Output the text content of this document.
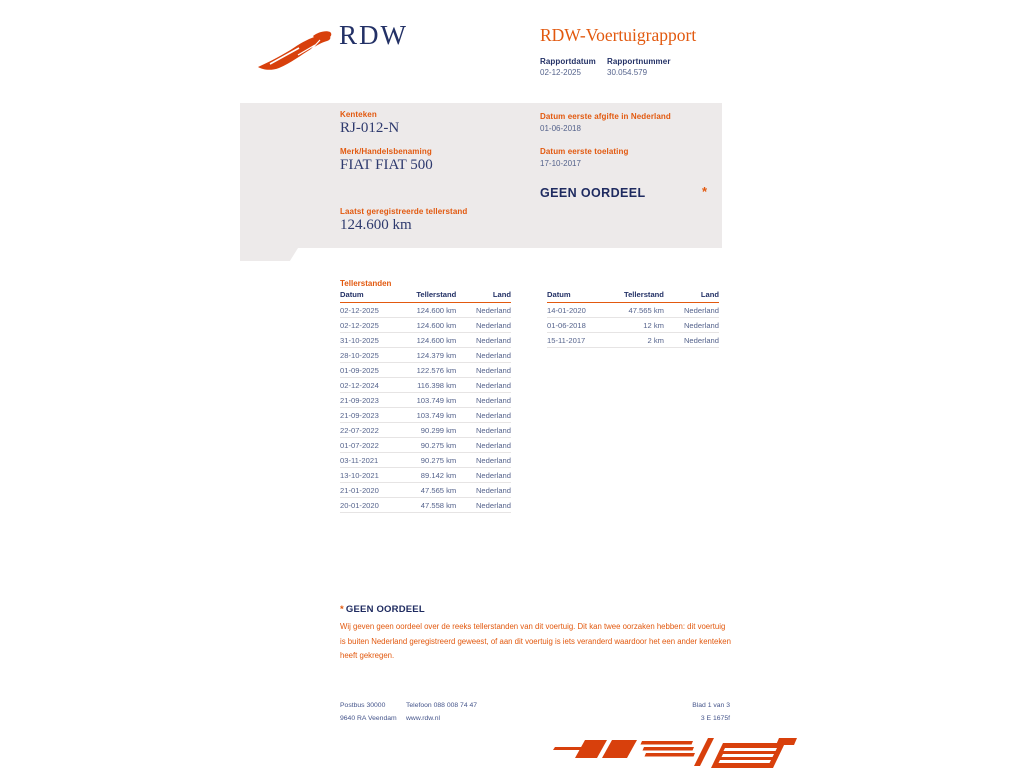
RDW	RDW-Voertuigrapport
Rapportdatum
02-12-2025
Rapportnummer
30.054.579
Kenteken
RJ-012-N
Merk/Handelsbenaming
FIAT FIAT 500
Laatst geregistreerde tellerstand
124.600 km
Datum eerste afgifte in Nederland
01-06-2018
Datum eerste toelating
17-10-2017
GEEN OORDEEL	*
Tellerstanden
Datum	Tellerstand	Land
02-12-2025	124.600 km	Nederland
02-12-2025	124.600 km	Nederland
31-10-2025	124.600 km	Nederland
28-10-2025	124.379 km	Nederland
01-09-2025	122.576 km	Nederland
02-12-2024	116.398 km	Nederland
21-09-2023	103.749 km	Nederland
21-09-2023	103.749 km	Nederland
22-07-2022	90.299 km	Nederland
01-07-2022	90.275 km	Nederland
03-11-2021	90.275 km	Nederland
13-10-2021	89.142 km	Nederland
21-01-2020	47.565 km	Nederland
20-01-2020	47.558 km	Nederland
Datum	Tellerstand	Land
14-01-2020	47.565 km	Nederland
01-06-2018	12 km	Nederland
15-11-2017	2 km	Nederland
* GEEN OORDEEL
Wij geven geen oordeel over de reeks tellerstanden van dit voertuig. Dit kan twee oorzaken hebben: dit voertuig is buiten Nederland geregistreerd geweest, of aan dit voertuig is iets veranderd waardoor het een ander kenteken heeft gekregen.
Postbus 30000
9640 RA Veendam
Telefoon 088 008 74 47
www.rdw.nl
Blad 1 van 3
3 E 1675f
